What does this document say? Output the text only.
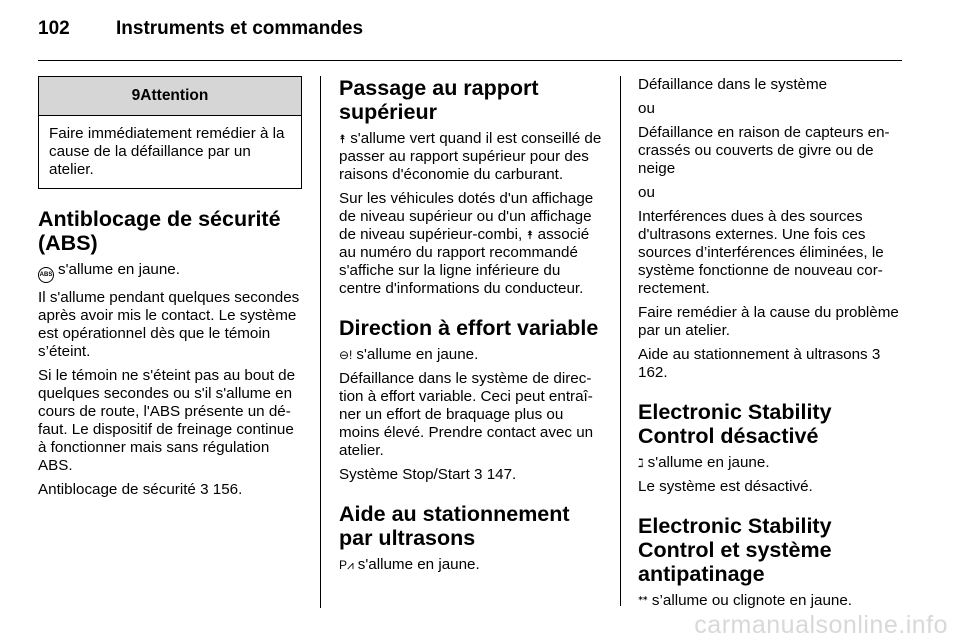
102 Instruments et commandes
9Attention

Faire immédiatement remédier à la cause de la défaillance par un atelier.

Antiblocage de sécurité (ABS)

ABS s'allume en jaune.

Il s'allume pendant quelques secondes après avoir mis le contact. Le système est opérationnel dès que le témoin s’éteint.

Si le témoin ne s'éteint pas au bout de quelques secondes ou s'il s'allume en cours de route, l'ABS présente un défaut. Le dispositif de freinage continue à fonctionner mais sans régulation ABS.

Antiblocage de sécurité 3 156.

Passage au rapport supérieur

⯭ s'allume vert quand il est conseillé de passer au rapport supérieur pour des raisons d'économie du carburant.

Sur les véhicules dotés d'un affichage de niveau supérieur ou d'un affichage de niveau supérieur-combi, ⯭ associé au numéro du rapport recommandé s'affiche sur la ligne inférieure du centre d'informations du conducteur.

Direction à effort variable

⊖! s'allume en jaune.

Défaillance dans le système de direction à effort variable. Ceci peut entraîner un effort de braquage plus ou moins élevé. Prendre contact avec un atelier.

Système Stop/Start 3 147.

Aide au stationnement par ultrasons

P⩘ s'allume en jaune.

Défaillance dans le système

ou

Défaillance en raison de capteurs encrassés ou couverts de givre ou de neige

ou

Interférences dues à des sources d'ultrasons externes. Une fois ces sources d’interférences éliminées, le système fonctionne de nouveau correctement.

Faire remédier à la cause du problème par un atelier.

Aide au stationnement à ultrasons 3 162.

Electronic Stability Control désactivé

ℷ s'allume en jaune.

Le système est désactivé.

Electronic Stability Control et système antipatinage

ᕯ s’allume ou clignote en jaune.

carmanualsonline.info
